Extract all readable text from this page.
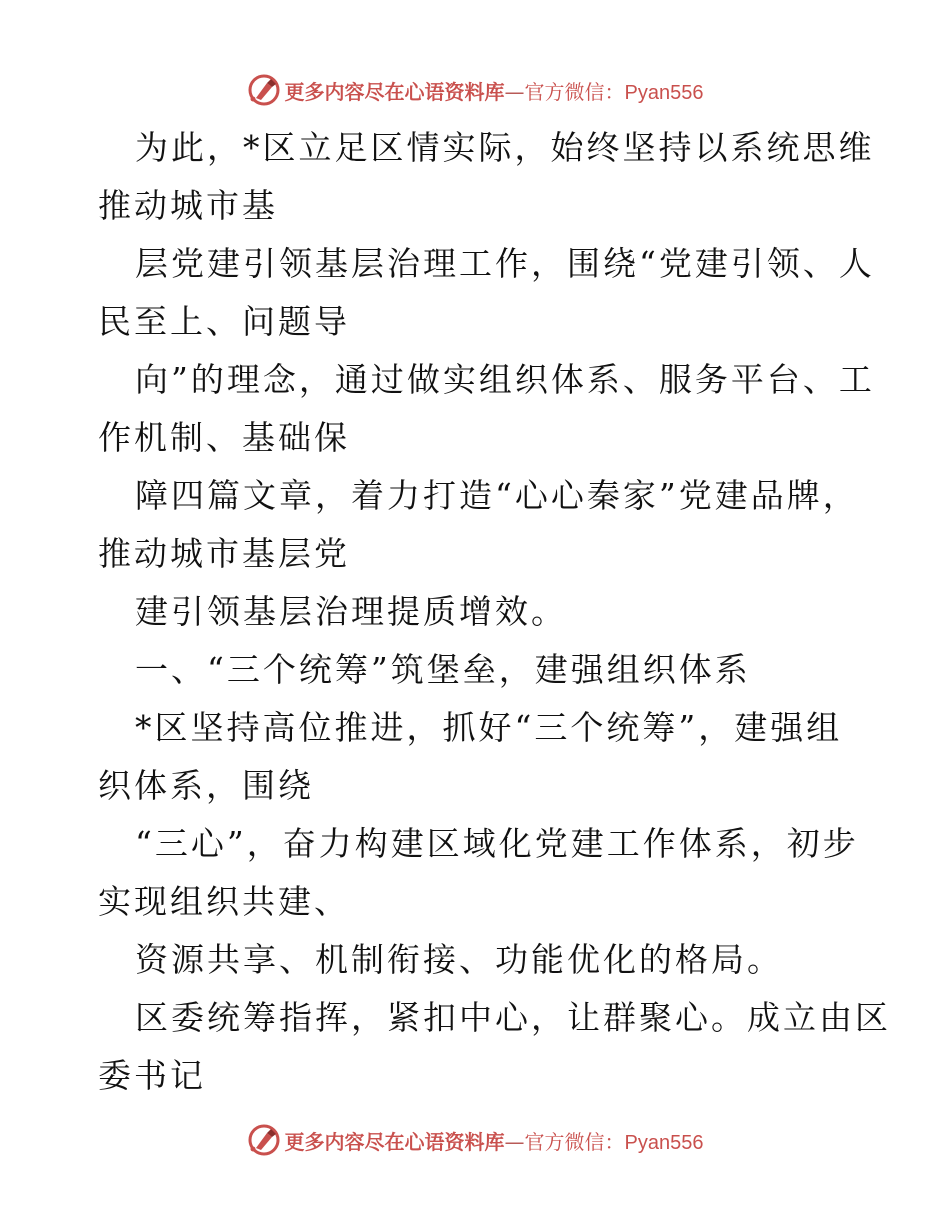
更多内容尽在心语资料库—官方微信：Pyan556
为此，*区立足区情实际，始终坚持以系统思维
推动城市基
层党建引领基层治理工作，围绕“党建引领、人
民至上、问题导
向”的理念，通过做实组织体系、服务平台、工
作机制、基础保
障四篇文章，着力打造“心心秦家”党建品牌，
推动城市基层党
建引领基层治理提质增效。
一、“三个统筹”筑堡垒，建强组织体系
*区坚持高位推进，抓好“三个统筹”，建强组
织体系，围绕
“三心”，奋力构建区域化党建工作体系，初步
实现组织共建、
资源共享、机制衔接、功能优化的格局。
区委统筹指挥，紧扣中心，让群聚心。成立由区
委书记
更多内容尽在心语资料库—官方微信：Pyan556
